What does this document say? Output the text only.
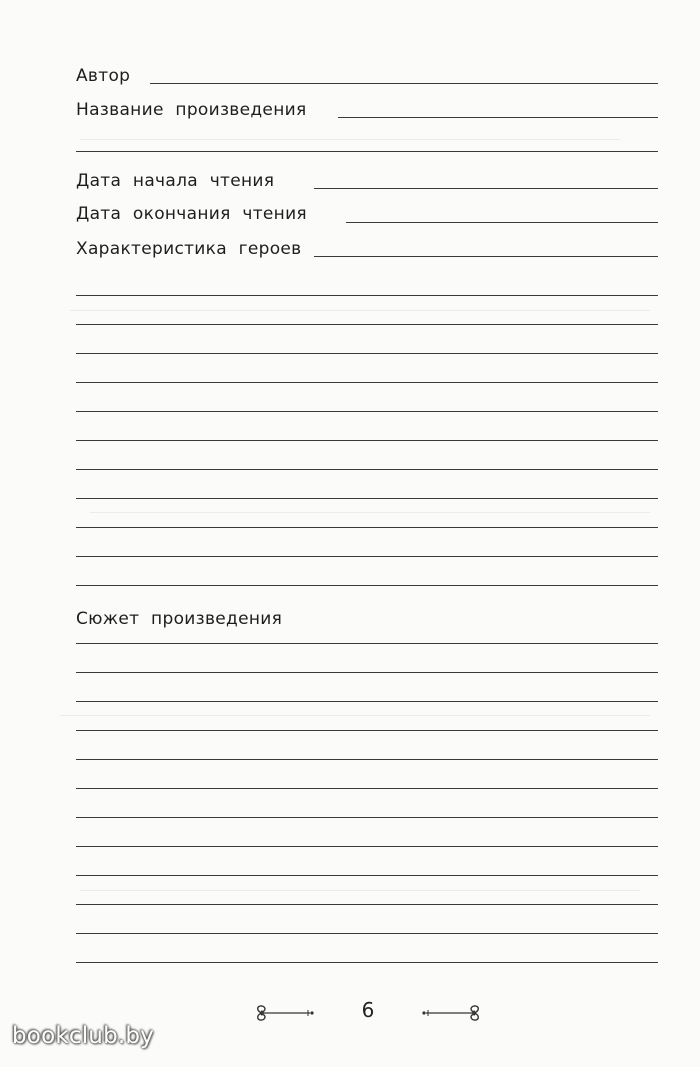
Автор
Название произведения
Дата начала чтения
Дата окончания чтения
Характеристика героев
Сюжет произведения
6
bookclub.by
